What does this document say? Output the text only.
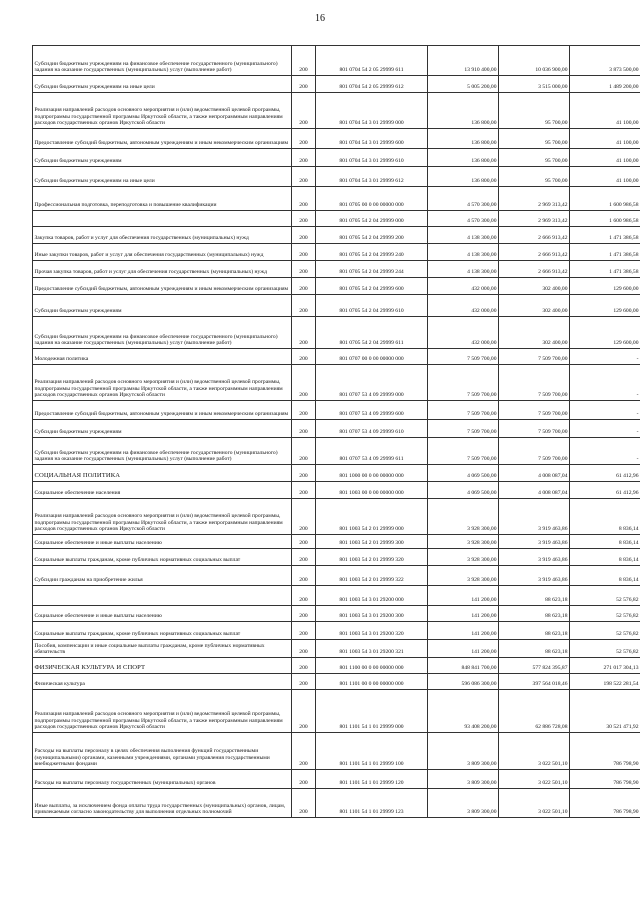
16
Субсидии бюджетным учреждениям на финансовое обеспечение государственного (муниципального) задания на оказание государственных (муниципальных) услуг (выполнение работ)	200	801 0704 54 2 05 29999 611	13 910 400,00	10 036 900,00	3 873 500,00
Субсидии бюджетным учреждениям на иные цели	200	801 0704 54 2 05 29999 612	5 005 200,00	3 515 000,00	1 489 200,00
Реализация направлений расходов основного мероприятия и (или) ведомственной целевой программы, подпрограммы государственной программы Иркутской области, а также непрограммным направлениям расходов государственных органов Иркутской области	200	801 0704 54 3 01 29999 000	136 800,00	95 700,00	41 100,00
Предоставление субсидий бюджетным, автономным учреждениям и иным некоммерческим организациям	200	801 0704 54 3 01 29999 600	136 800,00	95 700,00	41 100,00
Субсидии бюджетным учреждениям	200	801 0704 54 3 01 29999 610	136 800,00	95 700,00	41 100,00
Субсидии бюджетным учреждениям на иные цели	200	801 0704 54 3 01 29999 612	136 800,00	95 700,00	41 100,00
Профессиональная подготовка, переподготовка и повышение квалификации	200	801 0705 00 0 00 00000 000	4 570 300,00	2 969 313,42	1 600 986,58
	200	801 0705 54 2 04 29999 000	4 570 300,00	2 969 313,42	1 600 986,58
Закупка товаров, работ и услуг для обеспечения государственных (муниципальных) нужд	200	801 0705 54 2 04 29999 200	4 138 300,00	2 666 913,42	1 471 386,58
Иные закупки товаров, работ и услуг для обеспечения государственных (муниципальных) нужд	200	801 0705 54 2 04 29999 240	4 138 300,00	2 666 913,42	1 471 386,58
Прочая закупка товаров, работ и услуг для обеспечения государственных (муниципальных) нужд	200	801 0705 54 2 04 29999 244	4 138 300,00	2 666 913,42	1 471 386,58
Предоставление субсидий бюджетным, автономным учреждениям и иным некоммерческим организациям	200	801 0705 54 2 04 29999 600	432 000,00	302 400,00	129 600,00
Субсидии бюджетным учреждениям	200	801 0705 54 2 04 29999 610	432 000,00	302 400,00	129 600,00
Субсидии бюджетным учреждениям на финансовое обеспечение государственного (муниципального) задания на оказание государственных (муниципальных) услуг (выполнение работ)	200	801 0705 54 2 04 29999 611	432 000,00	302 400,00	129 600,00
Молодежная политика	200	801 0707 00 0 00 00000 000	7 509 700,00	7 509 700,00	-
Реализация направлений расходов основного мероприятия и (или) ведомственной целевой программы, подпрограммы государственной программы Иркутской области, а также непрограммным направлениям расходов государственных органов Иркутской области	200	801 0707 53 4 09 29999 000	7 509 700,00	7 509 700,00	-
Предоставление субсидий бюджетным, автономным учреждениям и иным некоммерческим организациям	200	801 0707 53 4 09 29999 600	7 509 700,00	7 509 700,00	-
Субсидии бюджетным учреждениям	200	801 0707 53 4 09 29999 610	7 509 700,00	7 509 700,00	-
Субсидии бюджетным учреждениям на финансовое обеспечение государственного (муниципального) задания на оказание государственных (муниципальных) услуг (выполнение работ)	200	801 0707 53 4 09 29999 611	7 509 700,00	7 509 700,00	-
СОЦИАЛЬНАЯ ПОЛИТИКА	200	801 1000 00 0 00 00000 000	4 069 500,00	4 008 087,04	61 412,96
Социальное обеспечение населения	200	801 1003 00 0 00 00000 000	4 069 500,00	4 008 087,04	61 412,96
Реализация направлений расходов основного мероприятия и (или) ведомственной целевой программы, подпрограммы государственной программы Иркутской области, а также непрограммным направлениям расходов государственных органов Иркутской области	200	801 1003 54 2 01 29999 000	3 928 300,00	3 919 463,86	8 836,14
Социальное обеспечение и иные выплаты населению	200	801 1003 54 2 01 29999 300	3 928 300,00	3 919 463,86	8 836,14
Социальные выплаты гражданам, кроме публичных нормативных социальных выплат	200	801 1003 54 2 01 29999 320	3 928 300,00	3 919 463,86	8 836,14
Субсидии гражданам на приобретение жилья	200	801 1003 54 2 01 29999 322	3 928 300,00	3 919 463,86	8 836,14
	200	801 1003 54 3 01 29200 000	141 200,00	88 623,18	52 576,82
Социальное обеспечение и иные выплаты населению	200	801 1003 54 3 01 29200 300	141 200,00	88 623,18	52 576,82
Социальные выплаты гражданам, кроме публичных нормативных социальных выплат	200	801 1003 54 3 01 29200 320	141 200,00	88 623,18	52 576,82
Пособия, компенсации и иные социальные выплаты гражданам, кроме публичных нормативных обязательств	200	801 1003 54 3 01 29200 321	141 200,00	88 623,18	52 576,82
ФИЗИЧЕСКАЯ КУЛЬТУРА И СПОРТ	200	801 1100 00 0 00 00000 000	848 841 700,00	577 824 395,87	271 017 304,13
Физическая культура	200	801 1101 00 0 00 00000 000	596 086 300,00	397 564 018,46	198 522 281,54
Реализация направлений расходов основного мероприятия и (или) ведомственной целевой программы, подпрограммы государственной программы Иркутской области, а также непрограммным направлениям расходов государственных органов Иркутской области	200	801 1101 54 1 01 29999 000	93 408 200,00	62 886 728,08	30 521 471,92
Расходы на выплаты персоналу в целях обеспечения выполнения функций государственными (муниципальными) органами, казенными учреждениями, органами управления государственными внебюджетными фондами	200	801 1101 54 1 01 29999 100	3 809 300,00	3 022 501,10	786 798,90
Расходы на выплаты персоналу государственных (муниципальных) органов	200	801 1101 54 1 01 29999 120	3 809 300,00	3 022 501,10	786 798,90
Иные выплаты, за исключением фонда оплаты труда государственных (муниципальных) органов, лицам, привлекаемым согласно законодательству для выполнения отдельных полномочий	200	801 1101 54 1 01 29999 123	3 809 300,00	3 022 501,10	786 798,90
